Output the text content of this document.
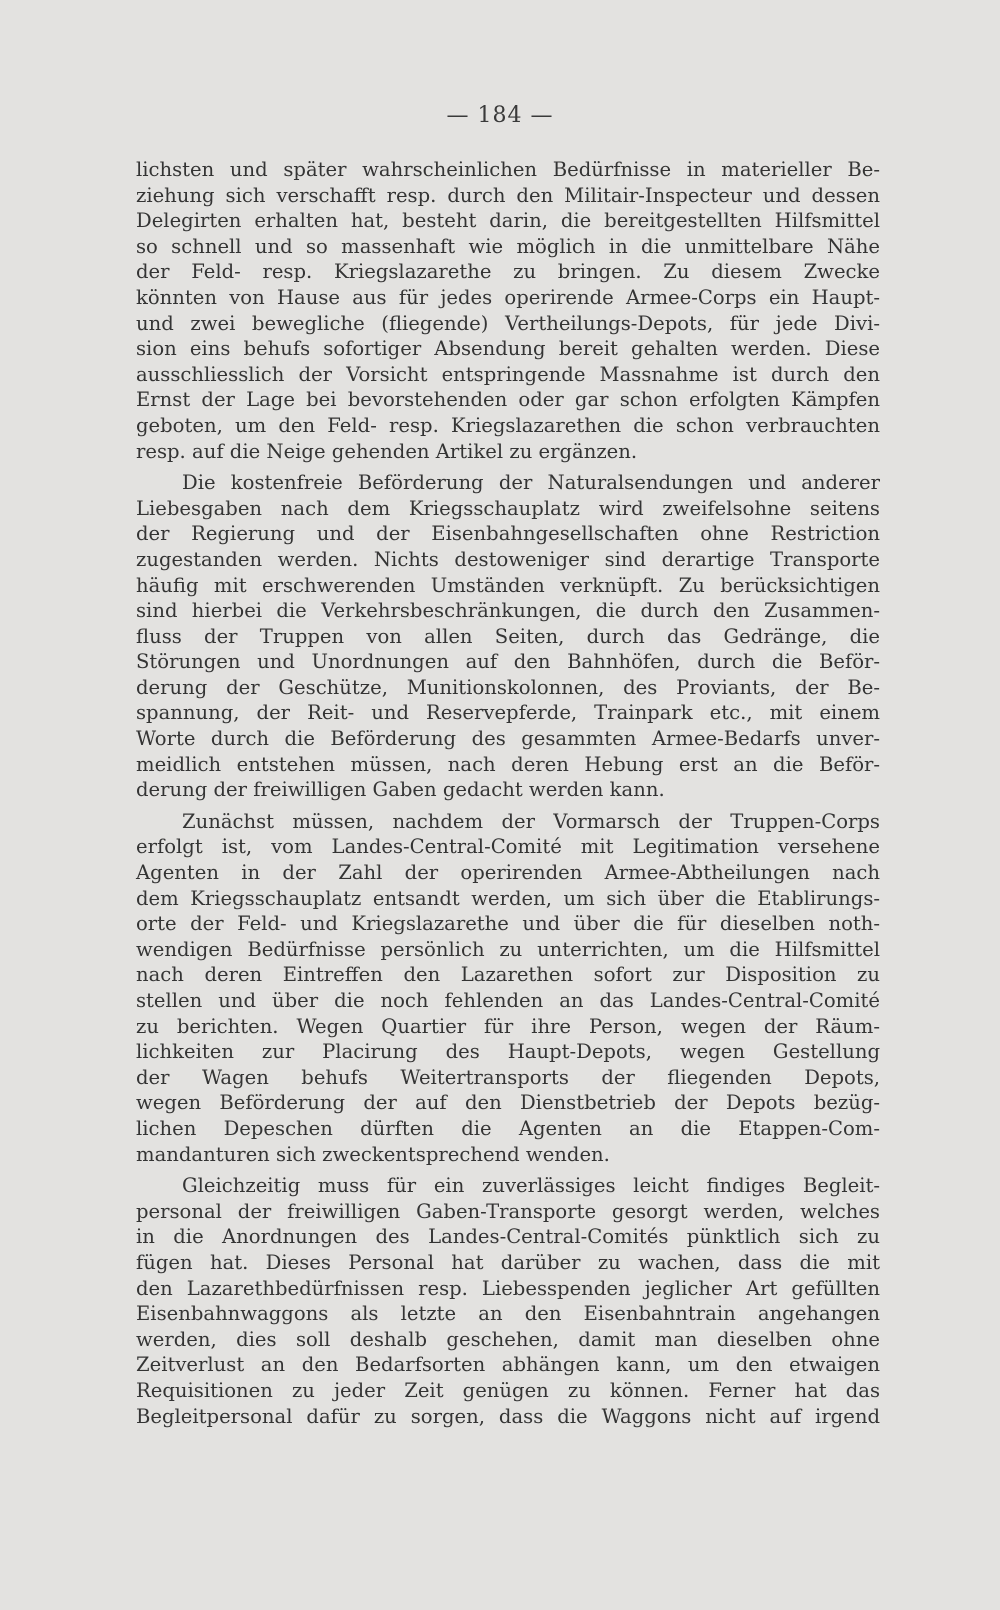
— 184 —

lichsten und später wahrscheinlichen Bedürfnisse in materieller Be-
ziehung sich verschafft resp. durch den Militair-Inspecteur und dessen
Delegirten erhalten hat, besteht darin, die bereitgestellten Hilfsmittel
so schnell und so massenhaft wie möglich in die unmittelbare Nähe
der Feld- resp. Kriegslazarethe zu bringen. Zu diesem Zwecke
könnten von Hause aus für jedes operirende Armee-Corps ein Haupt-
und zwei bewegliche (fliegende) Vertheilungs-Depots, für jede Divi-
sion eins behufs sofortiger Absendung bereit gehalten werden. Diese
ausschliesslich der Vorsicht entspringende Massnahme ist durch den
Ernst der Lage bei bevorstehenden oder gar schon erfolgten Kämpfen
geboten, um den Feld- resp. Kriegslazarethen die schon verbrauchten
resp. auf die Neige gehenden Artikel zu ergänzen.

Die kostenfreie Beförderung der Naturalsendungen und anderer
Liebesgaben nach dem Kriegsschauplatz wird zweifelsohne seitens
der Regierung und der Eisenbahngesellschaften ohne Restriction
zugestanden werden. Nichts destoweniger sind derartige Transporte
häufig mit erschwerenden Umständen verknüpft. Zu berücksichtigen
sind hierbei die Verkehrsbeschränkungen, die durch den Zusammen-
fluss der Truppen von allen Seiten, durch das Gedränge, die
Störungen und Unordnungen auf den Bahnhöfen, durch die Beför-
derung der Geschütze, Munitionskolonnen, des Proviants, der Be-
spannung, der Reit- und Reservepferde, Trainpark etc., mit einem
Worte durch die Beförderung des gesammten Armee-Bedarfs unver-
meidlich entstehen müssen, nach deren Hebung erst an die Beför-
derung der freiwilligen Gaben gedacht werden kann.

Zunächst müssen, nachdem der Vormarsch der Truppen-Corps
erfolgt ist, vom Landes-Central-Comité mit Legitimation versehene
Agenten in der Zahl der operirenden Armee-Abtheilungen nach
dem Kriegsschauplatz entsandt werden, um sich über die Etablirungs-
orte der Feld- und Kriegslazarethe und über die für dieselben noth-
wendigen Bedürfnisse persönlich zu unterrichten, um die Hilfsmittel
nach deren Eintreffen den Lazarethen sofort zur Disposition zu
stellen und über die noch fehlenden an das Landes-Central-Comité
zu berichten. Wegen Quartier für ihre Person, wegen der Räum-
lichkeiten zur Placirung des Haupt-Depots, wegen Gestellung
der Wagen behufs Weitertransports der fliegenden Depots,
wegen Beförderung der auf den Dienstbetrieb der Depots bezüg-
lichen Depeschen dürften die Agenten an die Etappen-Com-
mandanturen sich zweckentsprechend wenden.

Gleichzeitig muss für ein zuverlässiges leicht findiges Begleit-
personal der freiwilligen Gaben-Transporte gesorgt werden, welches
in die Anordnungen des Landes-Central-Comités pünktlich sich zu
fügen hat. Dieses Personal hat darüber zu wachen, dass die mit
den Lazarethbedürfnissen resp. Liebesspenden jeglicher Art gefüllten
Eisenbahnwaggons als letzte an den Eisenbahntrain angehangen
werden, dies soll deshalb geschehen, damit man dieselben ohne
Zeitverlust an den Bedarfsorten abhängen kann, um den etwaigen
Requisitionen zu jeder Zeit genügen zu können. Ferner hat das
Begleitpersonal dafür zu sorgen, dass die Waggons nicht auf irgend
